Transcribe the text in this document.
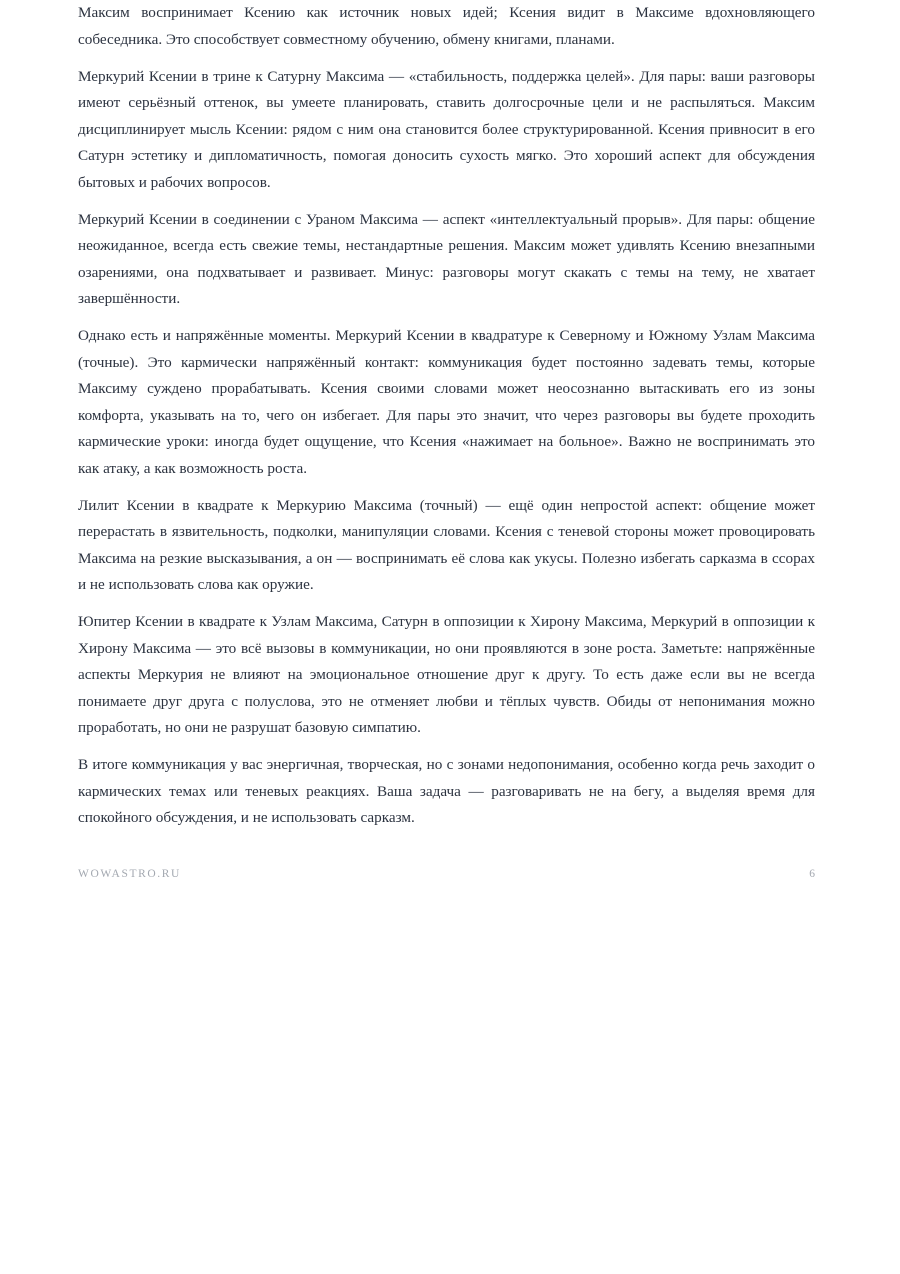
Максим воспринимает Ксению как источник новых идей; Ксения видит в Максиме вдохновляющего собеседника. Это способствует совместному обучению, обмену книгами, планами.

Меркурий Ксении в трине к Сатурну Максима — «стабильность, поддержка целей». Для пары: ваши разговоры имеют серьёзный оттенок, вы умеете планировать, ставить долгосрочные цели и не распыляться. Максим дисциплинирует мысль Ксении: рядом с ним она становится более структурированной. Ксения привносит в его Сатурн эстетику и дипломатичность, помогая доносить сухость мягко. Это хороший аспект для обсуждения бытовых и рабочих вопросов.

Меркурий Ксении в соединении с Ураном Максима — аспект «интеллектуальный прорыв». Для пары: общение неожиданное, всегда есть свежие темы, нестандартные решения. Максим может удивлять Ксению внезапными озарениями, она подхватывает и развивает. Минус: разговоры могут скакать с темы на тему, не хватает завершённости.

Однако есть и напряжённые моменты. Меркурий Ксении в квадратуре к Северному и Южному Узлам Максима (точные). Это кармически напряжённый контакт: коммуникация будет постоянно задевать темы, которые Максиму суждено прорабатывать. Ксения своими словами может неосознанно вытаскивать его из зоны комфорта, указывать на то, чего он избегает. Для пары это значит, что через разговоры вы будете проходить кармические уроки: иногда будет ощущение, что Ксения «нажимает на больное». Важно не воспринимать это как атаку, а как возможность роста.

Лилит Ксении в квадрате к Меркурию Максима (точный) — ещё один непростой аспект: общение может перерастать в язвительность, подколки, манипуляции словами. Ксения с теневой стороны может провоцировать Максима на резкие высказывания, а он — воспринимать её слова как укусы. Полезно избегать сарказма в ссорах и не использовать слова как оружие.

Юпитер Ксении в квадрате к Узлам Максима, Сатурн в оппозиции к Хирону Максима, Меркурий в оппозиции к Хирону Максима — это всё вызовы в коммуникации, но они проявляются в зоне роста. Заметьте: напряжённые аспекты Меркурия не влияют на эмоциональное отношение друг к другу. То есть даже если вы не всегда понимаете друг друга с полуслова, это не отменяет любви и тёплых чувств. Обиды от непонимания можно проработать, но они не разрушат базовую симпатию.

В итоге коммуникация у вас энергичная, творческая, но с зонами недопонимания, особенно когда речь заходит о кармических темах или теневых реакциях. Ваша задача — разговаривать не на бегу, а выделяя время для спокойного обсуждения, и не использовать сарказм.

WOWASTRO.RU	6
